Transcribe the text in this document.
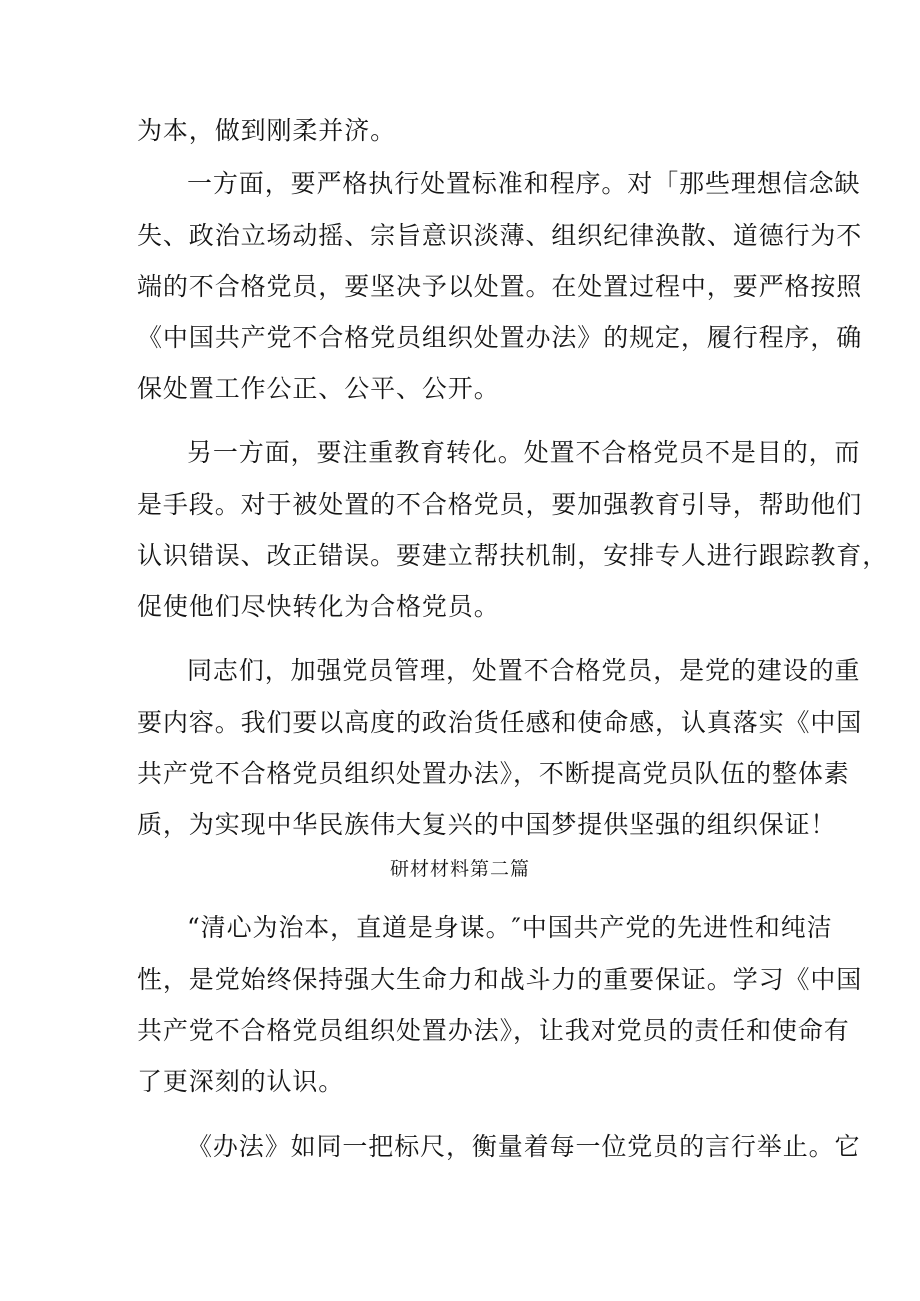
为本，做到刚柔并济。
一方面，要严格执行处置标准和程序。对「那些理想信念缺
失、政治立场动摇、宗旨意识淡薄、组织纪律涣散、道德行为不
端的不合格党员，要坚决予以处置。在处置过程中，要严格按照
《中国共产党不合格党员组织处置办法》的规定，履行程序，确
保处置工作公正、公平、公开。
另一方面，要注重教育转化。处置不合格党员不是目的，而
是手段。对于被处置的不合格党员，要加强教育引导，帮助他们
认识错误、改正错误。要建立帮扶机制，安排专人进行跟踪教育，
促使他们尽快转化为合格党员。
同志们，加强党员管理，处置不合格党员，是党的建设的重
要内容。我们要以高度的政治货任感和使命感，认真落实《中国
共产党不合格党员组织处置办法》，不断提高党员队伍的整体素
质，为实现中华民族伟大复兴的中国梦提供坚强的组织保证！
研材材料第二篇
“清心为治本，直道是身谋。″中国共产党的先进性和纯洁
性，是党始终保持强大生命力和战斗力的重要保证。学习《中国
共产党不合格党员组织处置办法》，让我对党员的责任和使命有
了更深刻的认识。
《办法》如同一把标尺，衡量着每一位党员的言行举止。它
